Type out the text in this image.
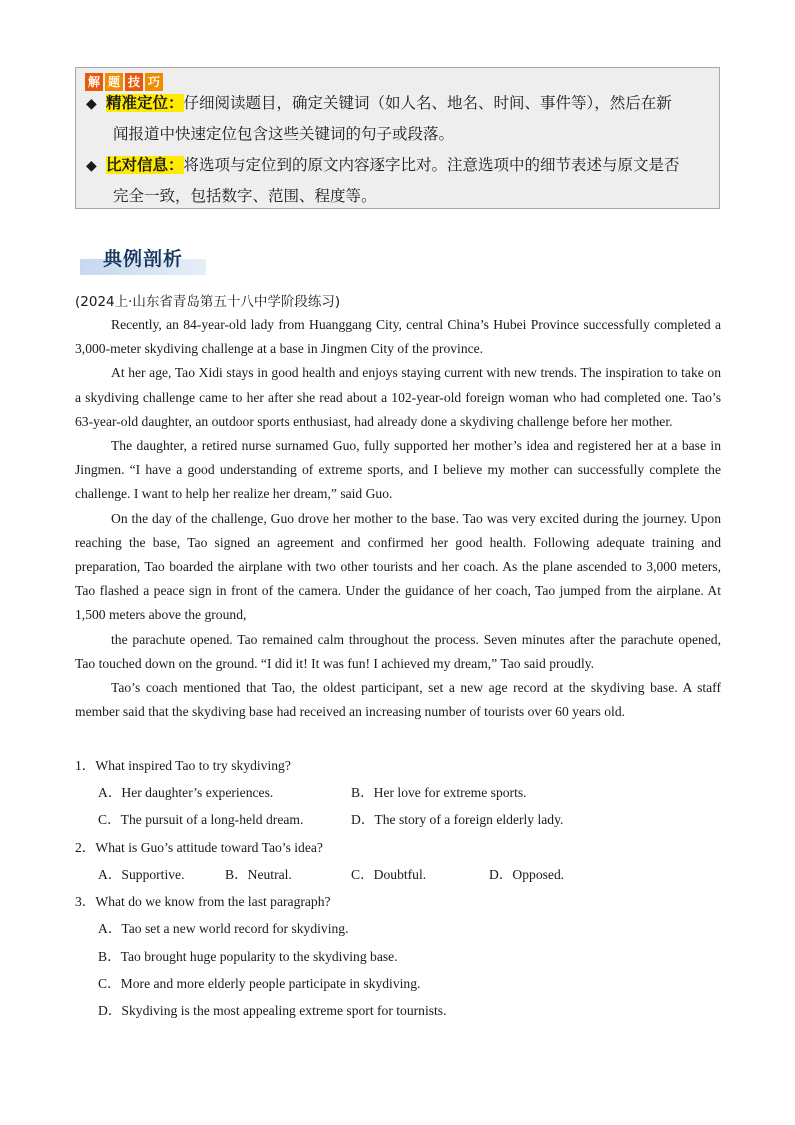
解 题 技 巧
◆ 精准定位：仔细阅读题目，确定关键词（如人名、地名、时间、事件等），然后在新
闻报道中快速定位包含这些关键词的句子或段落。
◆ 比对信息：将选项与定位到的原文内容逐字比对。注意选项中的细节表述与原文是否
完全一致，包括数字、范围、程度等。
典例剖析
(2024上·山东省青岛第五十八中学阶段练习)

Recently, an 84-year-old lady from Huanggang City, central China’s Hubei Province successfully completed a 3,000-meter skydiving challenge at a base in Jingmen City of the province.

At her age, Tao Xidi stays in good health and enjoys staying current with new trends. The inspiration to take on a skydiving challenge came to her after she read about a 102-year-old foreign woman who had completed one. Tao’s 63-year-old daughter, an outdoor sports enthusiast, had already done a skydiving challenge before her mother.

The daughter, a retired nurse surnamed Guo, fully supported her mother’s idea and registered her at a base in Jingmen. “I have a good understanding of extreme sports, and I believe my mother can successfully complete the challenge. I want to help her realize her dream,” said Guo.

On the day of the challenge, Guo drove her mother to the base. Tao was very excited during the journey. Upon reaching the base, Tao signed an agreement and confirmed her good health. Following adequate training and preparation, Tao boarded the airplane with two other tourists and her coach. As the plane ascended to 3,000 meters, Tao flashed a peace sign in front of the camera. Under the guidance of her coach, Tao jumped from the airplane. At 1,500 meters above the ground,

the parachute opened. Tao remained calm throughout the process. Seven minutes after the parachute opened, Tao touched down on the ground. “I did it! It was fun! I achieved my dream,” Tao said proudly.

Tao’s coach mentioned that Tao, the oldest participant, set a new age record at the skydiving base. A staff member said that the skydiving base had received an increasing number of tourists over 60 years old.

1．What inspired Tao to try skydiving?
A．Her daughter’s experiences.	B．Her love for extreme sports.
C．The pursuit of a long-held dream.	D．The story of a foreign elderly lady.
2．What is Guo’s attitude toward Tao’s idea?
A．Supportive.	B．Neutral.	C．Doubtful.	D．Opposed.
3．What do we know from the last paragraph?
A．Tao set a new world record for skydiving.
B．Tao brought huge popularity to the skydiving base.
C．More and more elderly people participate in skydiving.
D．Skydiving is the most appealing extreme sport for tournists.
